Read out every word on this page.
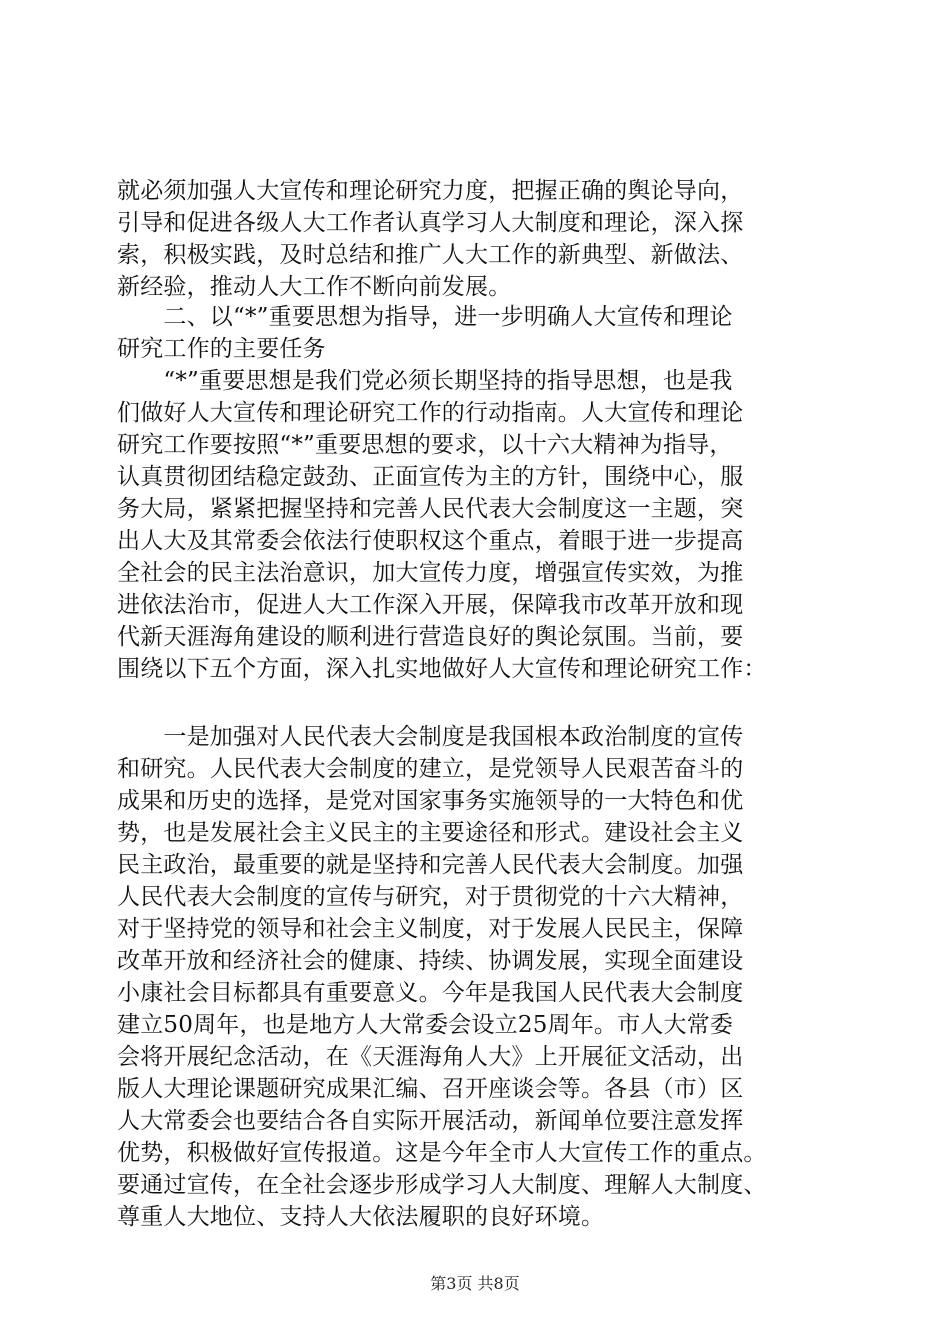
就必须加强人大宣传和理论研究力度，把握正确的舆论导向，
引导和促进各级人大工作者认真学习人大制度和理论，深入探
索，积极实践，及时总结和推广人大工作的新典型、新做法、
新经验，推动人大工作不断向前发展。
　　二、以“*”重要思想为指导，进一步明确人大宣传和理论
研究工作的主要任务
　　“*”重要思想是我们党必须长期坚持的指导思想，也是我
们做好人大宣传和理论研究工作的行动指南。人大宣传和理论
研究工作要按照“*”重要思想的要求，以十六大精神为指导，
认真贯彻团结稳定鼓劲、正面宣传为主的方针，围绕中心，服
务大局，紧紧把握坚持和完善人民代表大会制度这一主题，突
出人大及其常委会依法行使职权这个重点，着眼于进一步提高
全社会的民主法治意识，加大宣传力度，增强宣传实效，为推
进依法治市，促进人大工作深入开展，保障我市改革开放和现
代新天涯海角建设的顺利进行营造良好的舆论氛围。当前，要
围绕以下五个方面，深入扎实地做好人大宣传和理论研究工作：
　　一是加强对人民代表大会制度是我国根本政治制度的宣传
和研究。人民代表大会制度的建立，是党领导人民艰苦奋斗的
成果和历史的选择，是党对国家事务实施领导的一大特色和优
势，也是发展社会主义民主的主要途径和形式。建设社会主义
民主政治，最重要的就是坚持和完善人民代表大会制度。加强
人民代表大会制度的宣传与研究，对于贯彻党的十六大精神，
对于坚持党的领导和社会主义制度，对于发展人民民主，保障
改革开放和经济社会的健康、持续、协调发展，实现全面建设
小康社会目标都具有重要意义。今年是我国人民代表大会制度
建立50周年，也是地方人大常委会设立25周年。市人大常委
会将开展纪念活动，在《天涯海角人大》上开展征文活动，出
版人大理论课题研究成果汇编、召开座谈会等。各县（市）区
人大常委会也要结合各自实际开展活动，新闻单位要注意发挥
优势，积极做好宣传报道。这是今年全市人大宣传工作的重点。
要通过宣传，在全社会逐步形成学习人大制度、理解人大制度、
尊重人大地位、支持人大依法履职的良好环境。
第3页 共8页
